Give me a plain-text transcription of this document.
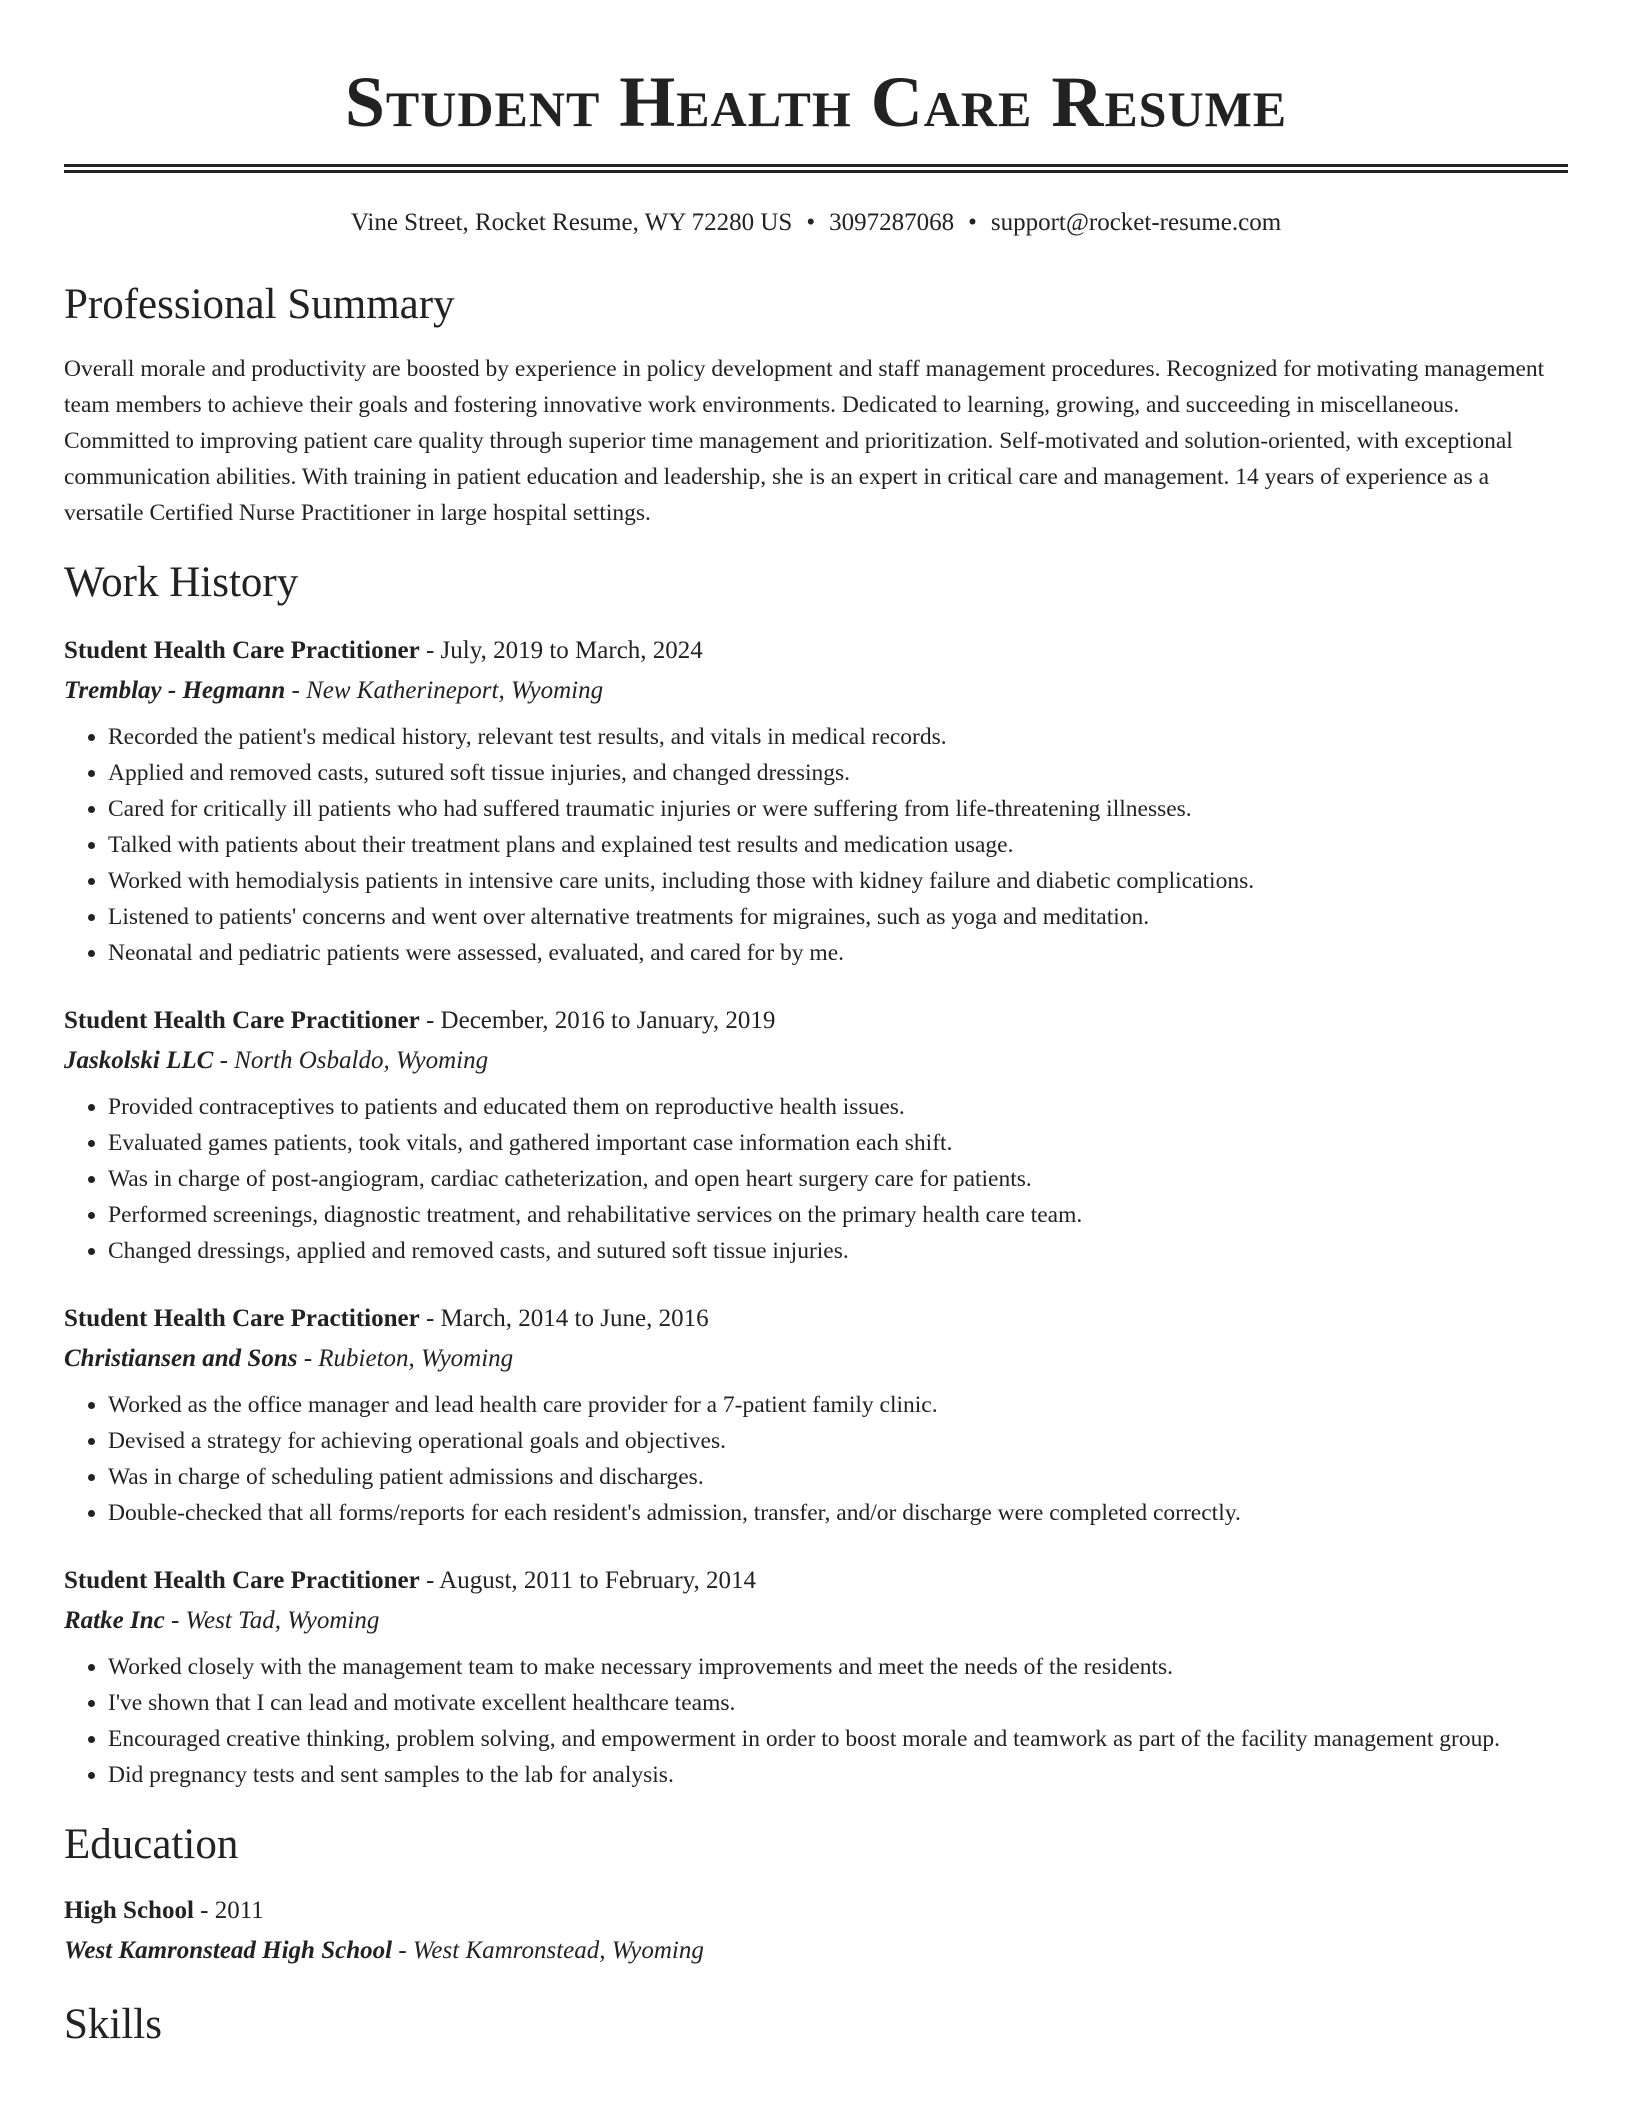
Student Health Care Resume
Vine Street, Rocket Resume, WY 72280 US • 3097287068 • support@rocket-resume.com
Professional Summary

Overall morale and productivity are boosted by experience in policy development and staff management procedures. Recognized for motivating management team members to achieve their goals and fostering innovative work environments. Dedicated to learning, growing, and succeeding in miscellaneous. Committed to improving patient care quality through superior time management and prioritization. Self-motivated and solution-oriented, with exceptional communication abilities. With training in patient education and leadership, she is an expert in critical care and management. 14 years of experience as a versatile Certified Nurse Practitioner in large hospital settings.

Work History
Student Health Care Practitioner - July, 2019 to March, 2024
Tremblay - Hegmann - New Katherineport, Wyoming
• Recorded the patient's medical history, relevant test results, and vitals in medical records.
• Applied and removed casts, sutured soft tissue injuries, and changed dressings.
• Cared for critically ill patients who had suffered traumatic injuries or were suffering from life-threatening illnesses.
• Talked with patients about their treatment plans and explained test results and medication usage.
• Worked with hemodialysis patients in intensive care units, including those with kidney failure and diabetic complications.
• Listened to patients' concerns and went over alternative treatments for migraines, such as yoga and meditation.
• Neonatal and pediatric patients were assessed, evaluated, and cared for by me.
Student Health Care Practitioner - December, 2016 to January, 2019
Jaskolski LLC - North Osbaldo, Wyoming
• Provided contraceptives to patients and educated them on reproductive health issues.
• Evaluated games patients, took vitals, and gathered important case information each shift.
• Was in charge of post-angiogram, cardiac catheterization, and open heart surgery care for patients.
• Performed screenings, diagnostic treatment, and rehabilitative services on the primary health care team.
• Changed dressings, applied and removed casts, and sutured soft tissue injuries.
Student Health Care Practitioner - March, 2014 to June, 2016
Christiansen and Sons - Rubieton, Wyoming
• Worked as the office manager and lead health care provider for a 7-patient family clinic.
• Devised a strategy for achieving operational goals and objectives.
• Was in charge of scheduling patient admissions and discharges.
• Double-checked that all forms/reports for each resident's admission, transfer, and/or discharge were completed correctly.
Student Health Care Practitioner - August, 2011 to February, 2014
Ratke Inc - West Tad, Wyoming
• Worked closely with the management team to make necessary improvements and meet the needs of the residents.
• I've shown that I can lead and motivate excellent healthcare teams.
• Encouraged creative thinking, problem solving, and empowerment in order to boost morale and teamwork as part of the facility management group.
• Did pregnancy tests and sent samples to the lab for analysis.
Education
High School - 2011
West Kamronstead High School - West Kamronstead, Wyoming
Skills
